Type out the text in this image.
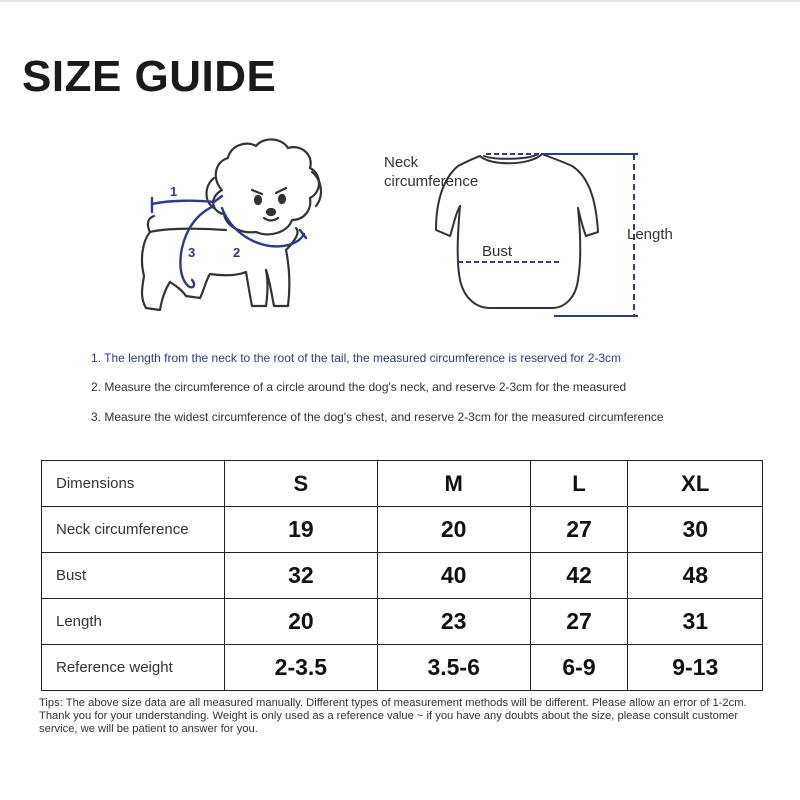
SIZE GUIDE
1
2
3
Neck
circumference
Bust
Length

1. The length from the neck to the root of the tail, the measured circumference is reserved for 2-3cm

2. Measure the circumference of a circle around the dog's neck, and reserve 2-3cm for the measured

3. Measure the widest circumference of the dog's chest, and reserve 2-3cm for the measured circumference

Dimensions	S	M	L	XL
Neck circumference	19	20	27	30
Bust	32	40	42	48
Length	20	23	27	31
Reference weight	2-3.5	3.5-6	6-9	9-13

Tips: The above size data are all measured manually. Different types of measurement methods will be different. Please allow an error of 1-2cm. Thank you for your understanding. Weight is only used as a reference value ~ if you have any doubts about the size, please consult customer service, we will be patient to answer for you.
